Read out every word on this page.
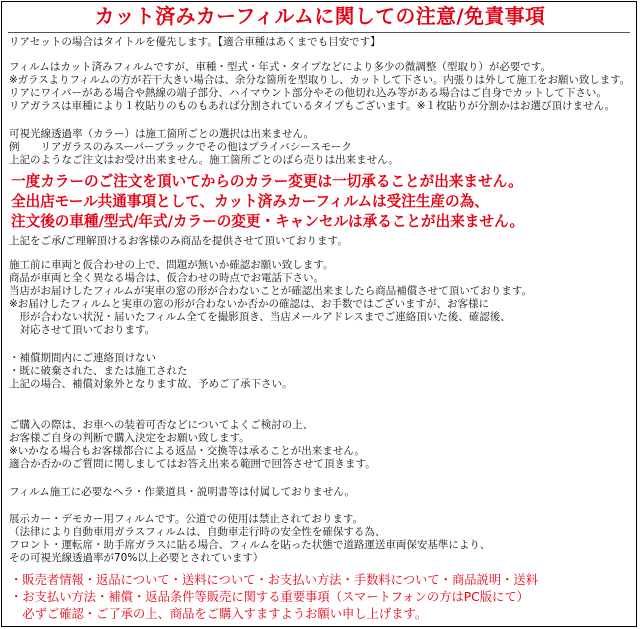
カット済みカーフィルムに関しての注意/免責事項
リアセットの場合はタイトルを優先します。【適合車種はあくまでも目安です】
フィルムはカット済みフィルムですが、車種・型式・年式・タイプなどにより多少の微調整（型取り）が必要です。
※ガラスよりフィルムの方が若干大きい場合は、余分な箇所を型取りし、カットして下さい。内張りは外して施工をお願い致します。
リアにワイパーがある場合や熱線の端子部分、ハイマウント部分やその他切れ込み等がある場合はご自身でカットして下さい。
リアガラスは車種により１枚貼りのものもあれば分割されているタイプもございます。※１枚貼りが分割かはお選び頂けません。
可視光線透過率（カラー）は施工箇所ごとの選択は出来ません。
例　　リアガラスのみスーパーブラックでその他はプライバシースモーク
上記のようなご注文はお受け出来ません。施工箇所ごとのばら売りは出来ません。
一度カラーのご注文を頂いてからのカラー変更は一切承ることが出来ません。
全出店モール共通事項として、カット済みカーフィルムは受注生産の為、
注文後の車種/型式/年式/カラーの変更・キャンセルは承ることが出来ません。
上記をご承/ご理解頂けるお客様のみ商品を提供させて頂いております。
施工前に車両と仮合わせの上で、問題が無いか確認お願い致します。
商品が車両と全く異なる場合は、仮合わせの時点でお電話下さい。
当店がお届けしたフィルムが実車の窓の形が合わないことが確認出来ましたら商品補償させて頂いております。
※お届けしたフィルムと実車の窓の形が合わないか否かの確認は、お手数ではございますが、お客様に
　形が合わない状況・届いたフィルム全てを撮影頂き、当店メールアドレスまでご連絡頂いた後、確認後、
　対応させて頂いております。
・補償期間内にご連絡頂けない
・既に破棄された、または施工された
上記の場合、補償対象外となります故、予めご了承下さい。
ご購入の際は、お車への装着可否などについてよくご検討の上、
お客様ご自身の判断で購入決定をお願い致します。
※いかなる場合もお客様都合による返品・交換等は承ることが出来ません。
適合か否かのご質問に関しましてはお答え出来る範囲で回答させて頂きます。
フィルム施工に必要なヘラ・作業道具・説明書等は付属しておりません。
展示カー・デモカー用フィルムです。公道での使用は禁止されております。
（法律により自動車用ガラスフィルムは、自動車走行時の安全性を確保する為、
フロント・運転席・助手席ガラスに貼る場合、フィルムを貼った状態で道路運送車両保安基準により、
その可視光線透過率が70%以上必要とされています）
・販売者情報・返品について・送料について・お支払い方法・手数料について・商品説明・送料
・お支払い方法・補償・返品条件等販売に関する重要事項（スマートフォンの方はPC版にて）
　必ずご確認・ご了承の上、商品をご購入すますようお願い申し上げます。
